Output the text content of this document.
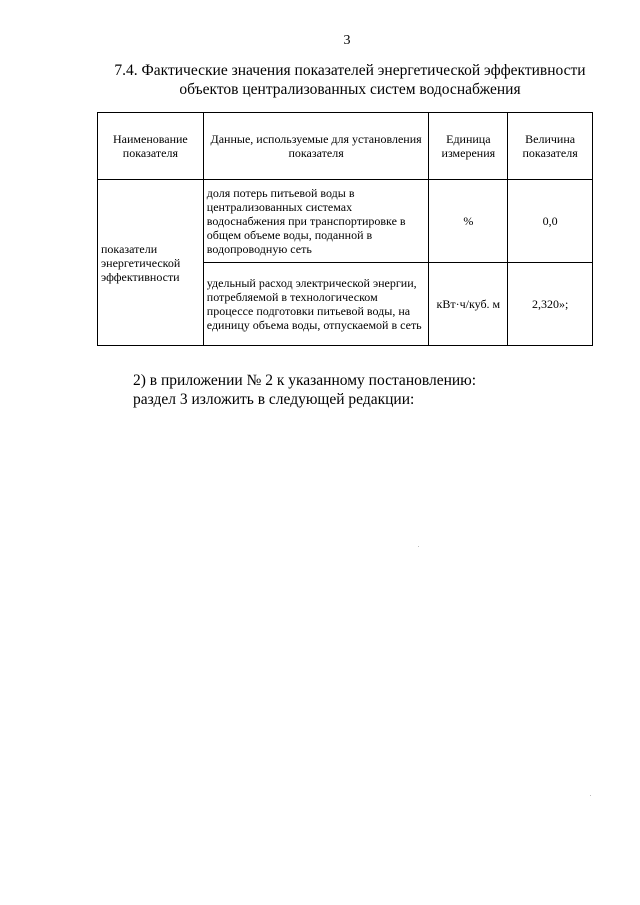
3
7.4. Фактические значения показателей энергетической эффективности
объектов централизованных систем водоснабжения
Наименование показателя	Данные, используемые для установления показателя	Единица измерения	Величина показателя
показатели энергетической эффективности	доля потерь питьевой воды в централизованных системах водоснабжения при транспортировке в общем объеме воды, поданной в водопроводную сеть	%	0,0
	удельный расход электрической энергии, потребляемой в технологическом процессе подготовки питьевой воды, на единицу объема воды, отпускаемой в сеть	кВт·ч/куб. м	2,320»;
2) в приложении № 2 к указанному постановлению:
раздел 3 изложить в следующей редакции:
